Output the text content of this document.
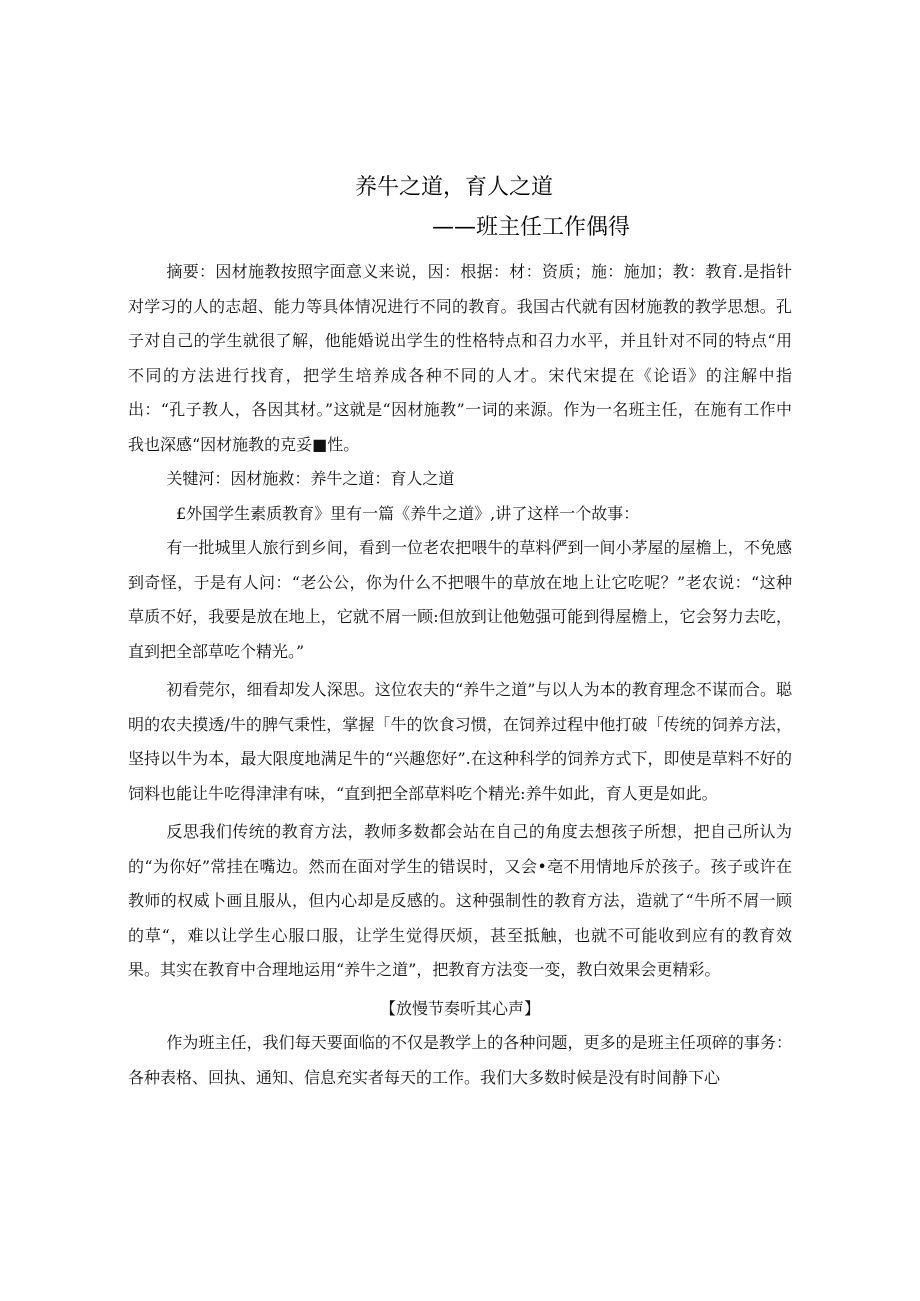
养牛之道，育人之道
——班主任工作偶得

摘要：因材施教按照字面意义来说，因：根据：材：资质；施：施加；教：教育.是指针对学习的人的志超、能力等具体情况进行不同的教育。我国古代就有因材施教的教学思想。孔子对自己的学生就很了解，他能婚说出学生的性格特点和召力水平，并且针对不同的特点“用不同的方法进行找育，把学生培养成各种不同的人才。宋代宋提在《论语》的注解中指出：“孔子教人，各因其材。”这就是“因材施教”一词的来源。作为一名班主任，在施有工作中我也深感“因材施教的克妥■性。

关犍河：因材施救：养牛之道：育人之道

£外国学生素质教育》里有一篇《养牛之道》,讲了这样一个故事：

有一批城里人旅行到乡间，看到一位老农把喂牛的草料俨到一间小茅屋的屋檐上，不免感到奇怪，于是有人问：“老公公，你为什么不把喂牛的草放在地上让它吃呢？”老农说：“这种草质不好，我要是放在地上，它就不屑一顾:但放到让他勉强可能到得屋檐上，它会努力去吃，直到把全部草吃个精光。”

初看莞尔，细看却发人深思。这位农夫的“养牛之道”与以人为本的教育理念不谋而合。聪明的农夫摸透/牛的脾气秉性，掌握「牛的饮食习惯，在饲养过程中他打破「传统的饲养方法，坚持以牛为本，最大限度地满足牛的“兴趣您好”.在这种科学的饲养方式下，即使是草料不好的饲料也能让牛吃得津津有味，“直到把全部草料吃个精光:养牛如此，育人更是如此。

反思我们传统的教育方法，教师多数都会站在自己的角度去想孩子所想，把自己所认为的“为你好”常挂在嘴边。然而在面对学生的错误时，又会•亳不用情地斥於孩子。孩子或许在教师的权威卜画且服从，但内心却是反感的。这种强制性的教育方法，造就了“牛所不屑一顾的草“，难以让学生心服口服，让学生觉得厌烦，甚至抵触，也就不可能收到应有的教育效果。其实在教育中合理地运用“养牛之道”，把教育方法变一变，教白效果会更精彩。

【放慢节奏听其心声】

作为班主任，我们每天要面临的不仅是教学上的各种问题，更多的是班主任项碎的事务：各种表格、回执、通知、信息充实者每天的工作。我们大多数时候是没有时间静下心
